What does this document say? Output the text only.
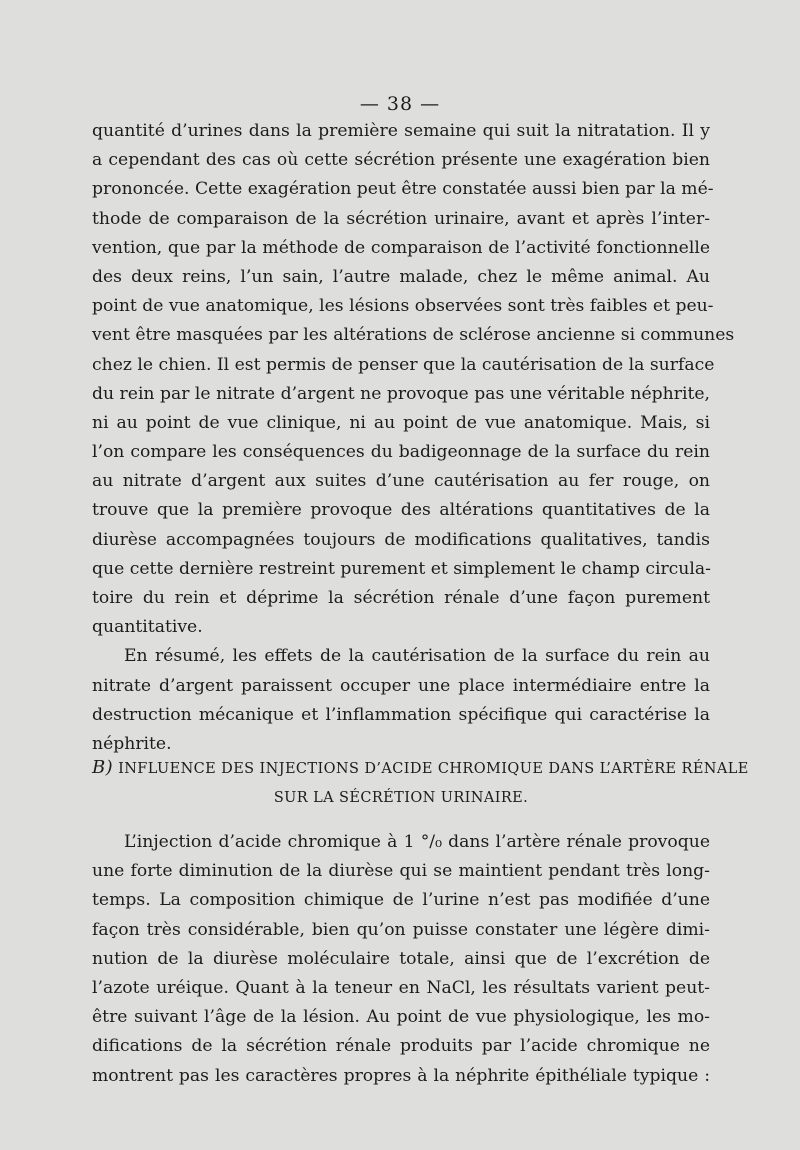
— 38 —
quantité d’urines dans la première semaine qui suit la nitratation. Il y
a cependant des cas où cette sécrétion présente une exagération bien
prononcée. Cette exagération peut être constatée aussi bien par la mé-
thode de comparaison de la sécrétion urinaire, avant et après l’inter-
vention, que par la méthode de comparaison de l’activité fonctionnelle
des deux reins, l’un sain, l’autre malade, chez le même animal. Au
point de vue anatomique, les lésions observées sont très faibles et peu-
vent être masquées par les altérations de sclérose ancienne si communes
chez le chien. Il est permis de penser que la cautérisation de la surface
du rein par le nitrate d’argent ne provoque pas une véritable néphrite,
ni au point de vue clinique, ni au point de vue anatomique. Mais, si
l’on compare les conséquences du badigeonnage de la surface du rein
au nitrate d’argent aux suites d’une cautérisation au fer rouge, on
trouve que la première provoque des altérations quantitatives de la
diurèse accompagnées toujours de modifications qualitatives, tandis
que cette dernière restreint purement et simplement le champ circula-
toire du rein et déprime la sécrétion rénale d’une façon purement
quantitative.
En résumé, les effets de la cautérisation de la surface du rein au
nitrate d’argent paraissent occuper une place intermédiaire entre la
destruction mécanique et l’inflammation spécifique qui caractérise la
néphrite.
B) INFLUENCE DES INJECTIONS D’ACIDE CHROMIQUE DANS L’ARTÈRE RÉNALE
SUR LA SÉCRÉTION URINAIRE.
L’injection d’acide chromique à 1 °/₀ dans l’artère rénale provoque
une forte diminution de la diurèse qui se maintient pendant très long-
temps. La composition chimique de l’urine n’est pas modifiée d’une
façon très considérable, bien qu’on puisse constater une légère dimi-
nution de la diurèse moléculaire totale, ainsi que de l’excrétion de
l’azote uréique. Quant à la teneur en NaCl, les résultats varient peut-
être suivant l’âge de la lésion. Au point de vue physiologique, les mo-
difications de la sécrétion rénale produits par l’acide chromique ne
montrent pas les caractères propres à la néphrite épithéliale typique :
